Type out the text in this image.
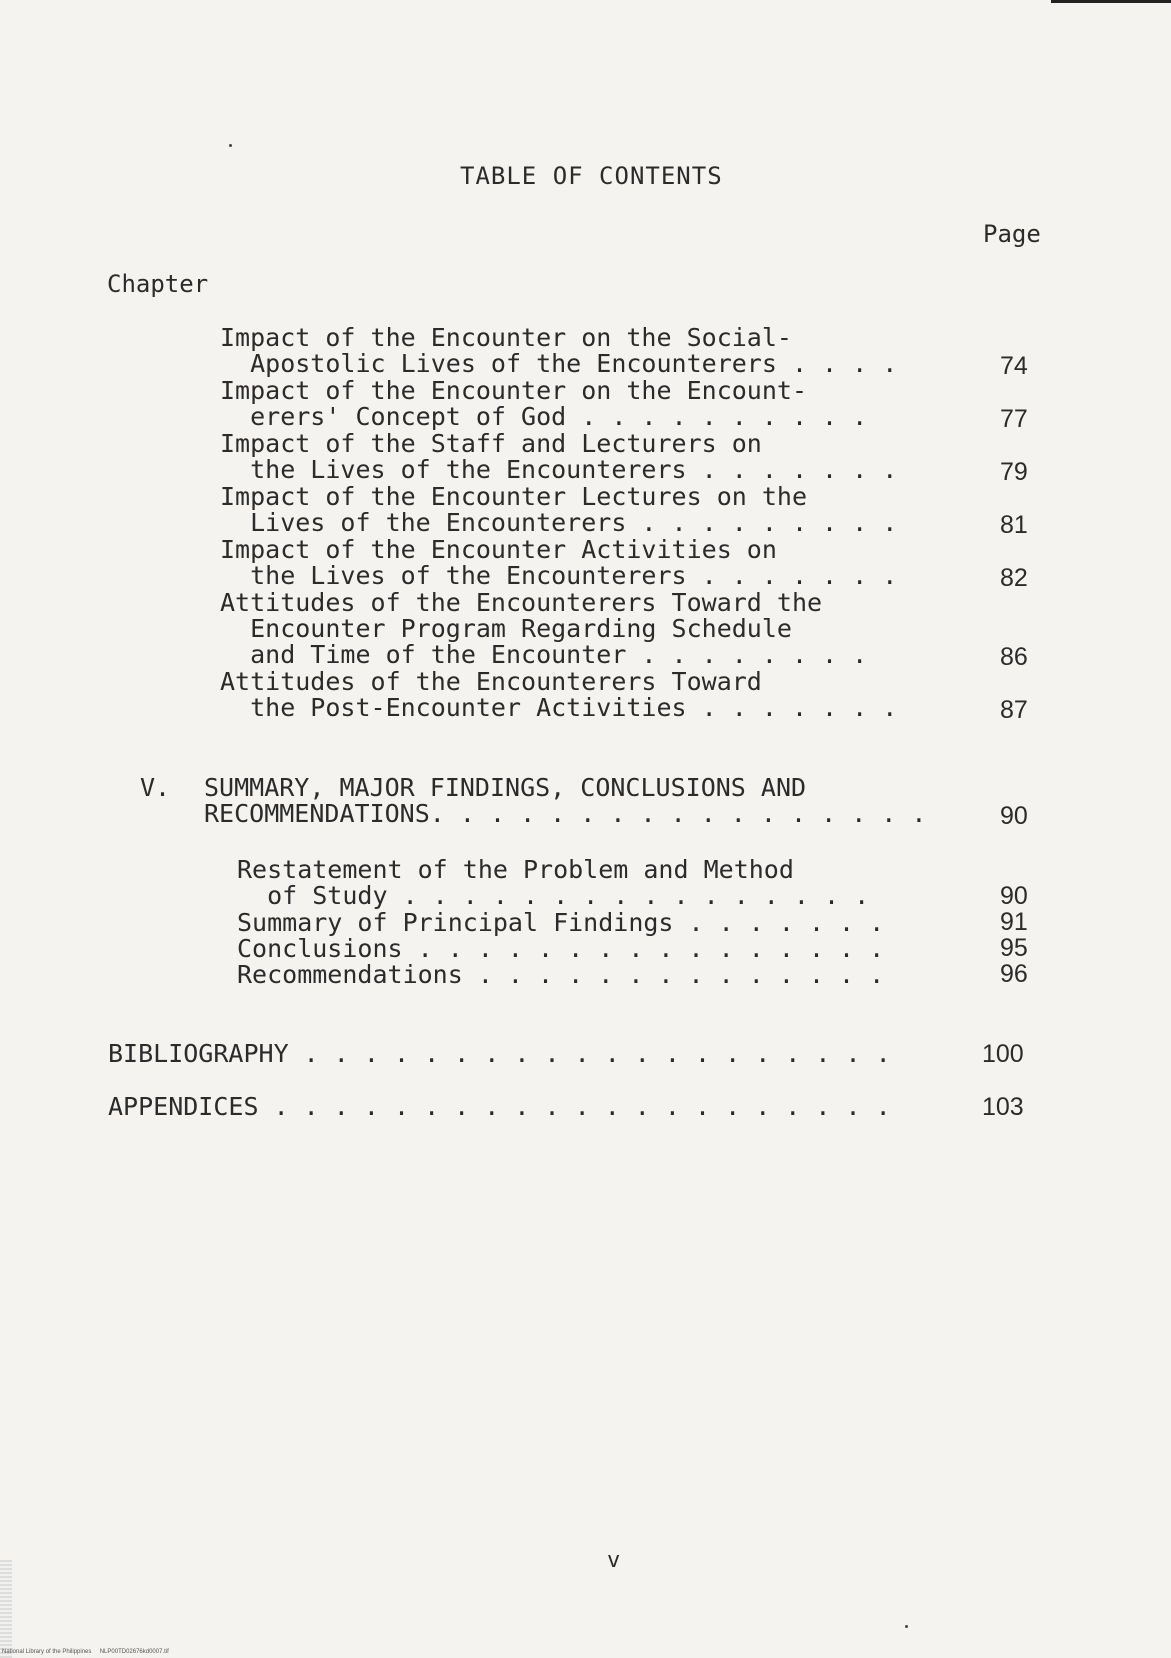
TABLE OF CONTENTS
Page
Chapter
Impact of the Encounter on the Social-
Apostolic Lives of the Encounterers . . . .	74
Impact of the Encounter on the Encount-
erers' Concept of God . . . . . . . . . .	77
Impact of the Staff and Lecturers on
the Lives of the Encounterers . . . . . . .	79
Impact of the Encounter Lectures on the
Lives of the Encounterers . . . . . . . . .	81
Impact of the Encounter Activities on
the Lives of the Encounterers . . . . . . .	82
Attitudes of the Encounterers Toward the
Encounter Program Regarding Schedule
and Time of the Encounter . . . . . . . .	86
Attitudes of the Encounterers Toward
the Post-Encounter Activities . . . . . . .	87
V. SUMMARY, MAJOR FINDINGS, CONCLUSIONS AND
RECOMMENDATIONS. . . . . . . . . . . . . . . . .	90
Restatement of the Problem and Method
of Study . . . . . . . . . . . . . . . .	90
Summary of Principal Findings . . . . . . .	91
Conclusions . . . . . . . . . . . . . . . .	95
Recommendations . . . . . . . . . . . . . .	96
BIBLIOGRAPHY . . . . . . . . . . . . . . . . . . . .	100
APPENDICES . . . . . . . . . . . . . . . . . . . . .	103
v
National Library of the Philippines     NLP00TD02676kd0007.tif
